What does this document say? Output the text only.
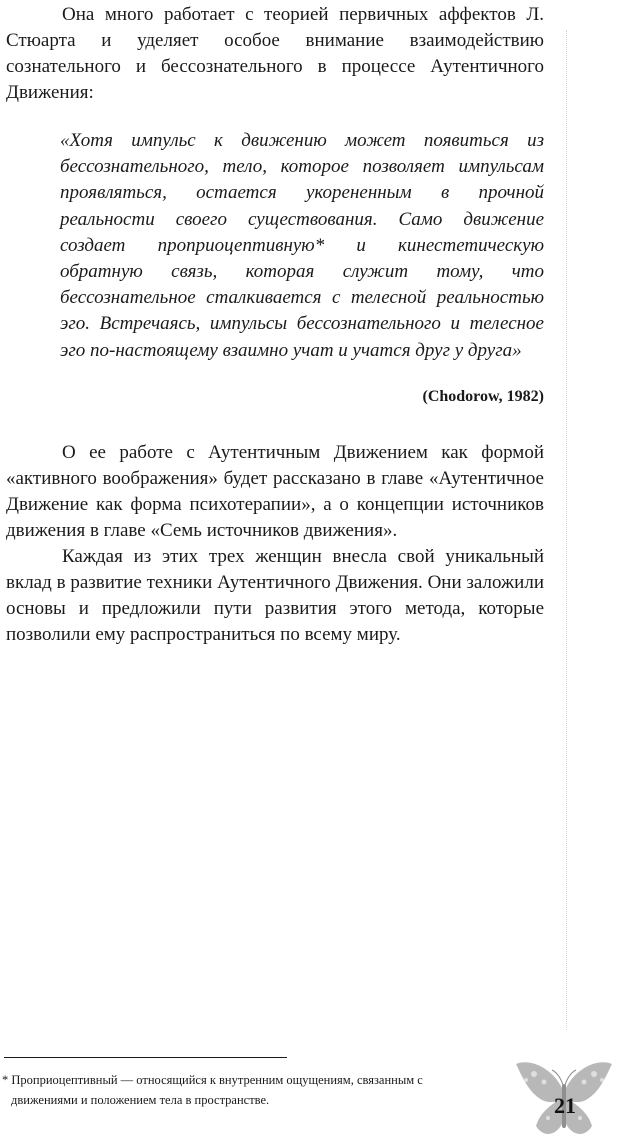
Она много работает с теорией первичных аффектов Л. Стюарта и уделяет особое внимание взаимодействию сознательного и бессознательного в процессе Аутентичного Движения:

«Хотя импульс к движению может появиться из бессознательного, тело, которое позволяет импульсам проявляться, остается укорененным в прочной реальности своего существования. Само движение создает проприоцептивную* и кинестетическую обратную связь, которая служит тому, что бессознательное сталкивается с телесной реальностью эго. Встречаясь, импульсы бессознательного и телесное эго по-настоящему взаимно учат и учатся друг у друга»

(Chodorow, 1982)

О ее работе с Аутентичным Движением как формой «активного воображения» будет рассказано в главе «Аутентичное Движение как форма психотерапии», а о концепции источников движения в главе «Семь источников движения».

Каждая из этих трех женщин внесла свой уникальный вклад в развитие техники Аутентичного Движения. Они заложили основы и предложили пути развития этого метода, которые позволили ему распространиться по всему миру.

* Проприоцептивный — относящийся к внутренним ощущениям, связанным с
движениями и положением тела в пространстве.	21
